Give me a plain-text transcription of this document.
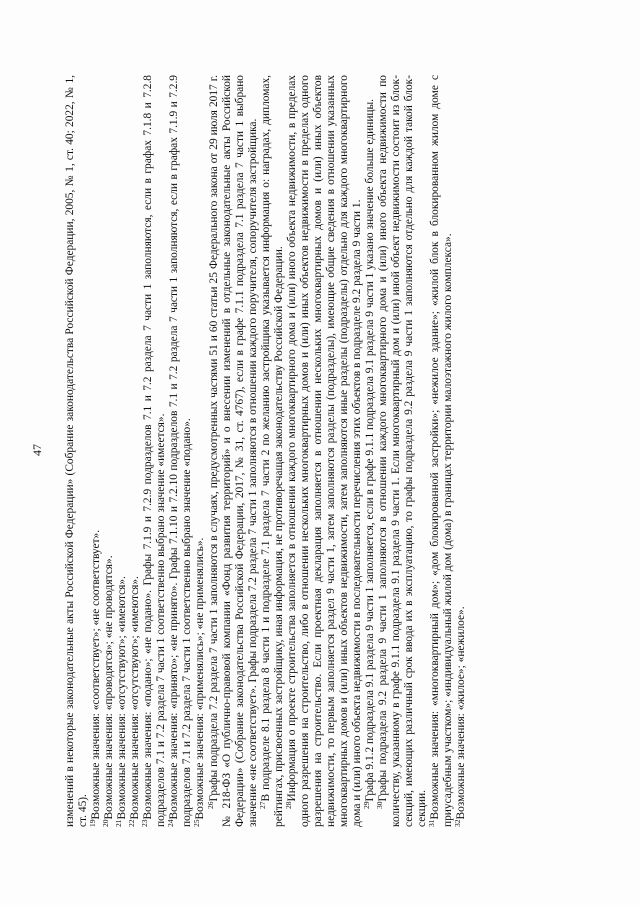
47 изменений в некоторые законодательные акты Российской Федерации» (Собрание законодательства Российской Федерации, 2005, № 1, ст. 40; 2022, № 1, ст. 45). $^{19}$Возможные значения: «соответствует»; «не соответствует».

$^{20}$Возможные значения: «проводятся»; «не проводятся».

$^{21}$Возможные значения: «отсутствуют»; «имеются».

$^{22}$Возможные значения: «отсутствуют»; «имеются».

$^{23}$Возможные значения: «подано»; «не подано». Графы 7.1.9 и 7.2.9 подразделов 7.1 и 7.2 раздела 7 части 1 заполняются, если в графах 7.1.8 и 7.2.8 подразделов 7.1 и 7.2 раздела 7 части 1 соответственно выбрано значение «имеется». $^{24}$Возможные значения: «принято»; «не принято». Графы 7.1.10 и 7.2.10 подразделов 7.1 и 7.2 раздела 7 части 1 заполняются, если в графах 7.1.9 и 7.2.9 подразделов 7.1 и 7.2 раздела 7 части 1 соответственно выбрано значение «подано». $^{25}$Возможные значения: «применялись»; «не применялись». $^{26}$Графы подраздела 7.2 раздела 7 части 1 заполняются в случаях, предусмотренных частями 51 и 60 статьи 25 Федерального закона от 29 июля 2017 г. № 218-ФЗ «О публично-правовой компании «Фонд развития территорий» и о внесении изменений в отдельные законодательные акты Российской Федерации» (Собрание законодательства Российской Федерации, 2017, № 31, ст. 4767), если в графе 7.1.1 подраздела 7.1 раздела 7 части 1 выбрано значение «не соответствует». Графы подраздела 7.2 раздела 7 части 1 заполняются в отношении каждого поручителя, сопоручителя застройщика. $^{27}$В подразделе 8.1 раздела 8 части 1 и подразделе 7.1 раздела 7 части 2 по желанию застройщика указывается информация о: наградах, дипломах, рейтингах, присвоенных застройщику, иная информация, не противоречащая законодательству Российской Федерации. $^{28}$Информация о проекте строительства заполняется в отношении каждого многоквартирного дома и (или) иного объекта недвижимости, в пределах одного разрешения на строительство, либо в отношении нескольких многоквартирных домов и (или) иных объектов недвижимости в пределах одного разрешения на строительство. Если проектная декларация заполняется в отношении нескольких многоквартирных домов и (или) иных объектов недвижимости, то первым заполняется раздел 9 части 1, затем заполняются разделы (подразделы), имеющие общие сведения в отношении указанных многоквартирных домов и (или) иных объектов недвижимости, затем заполняются иные разделы (подразделы) отдельно для каждого многоквартирного дома и (или) иного объекта недвижимости в последовательности перечисления этих объектов в подразделе 9.2 раздела 9 части 1. $^{29}$Графа 9.1.2 подраздела 9.1 раздела 9 части 1 заполняется, если в графе 9.1.1 подраздела 9.1 раздела 9 части 1 указано значение больше единицы.

$^{30}$Графы подраздела 9.2 раздела 9 части 1 заполняются в отношении каждого многоквартирного дома и (или) иного объекта недвижимости по количеству, указанному в графе 9.1.1 подраздела 9.1 раздела 9 части 1. Если многоквартирный дом и (или) иной объект недвижимости состоит из блок-секций, имеющих различный срок ввода их в эксплуатацию, то графы подраздела 9.2 раздела 9 части 1 заполняются отдельно для каждой такой блок-секции. $^{31}$Возможные значения: «многоквартирный дом»; «дом блокированной застройки»; «нежилое здание»; «жилой блок в блокированном жилом доме с приусадебным участком»; «индивидуальный жилой дом (дома) в границах территории малоэтажного жилого комплекса». $^{32}$Возможные значения: «жилое»; «нежилое».
